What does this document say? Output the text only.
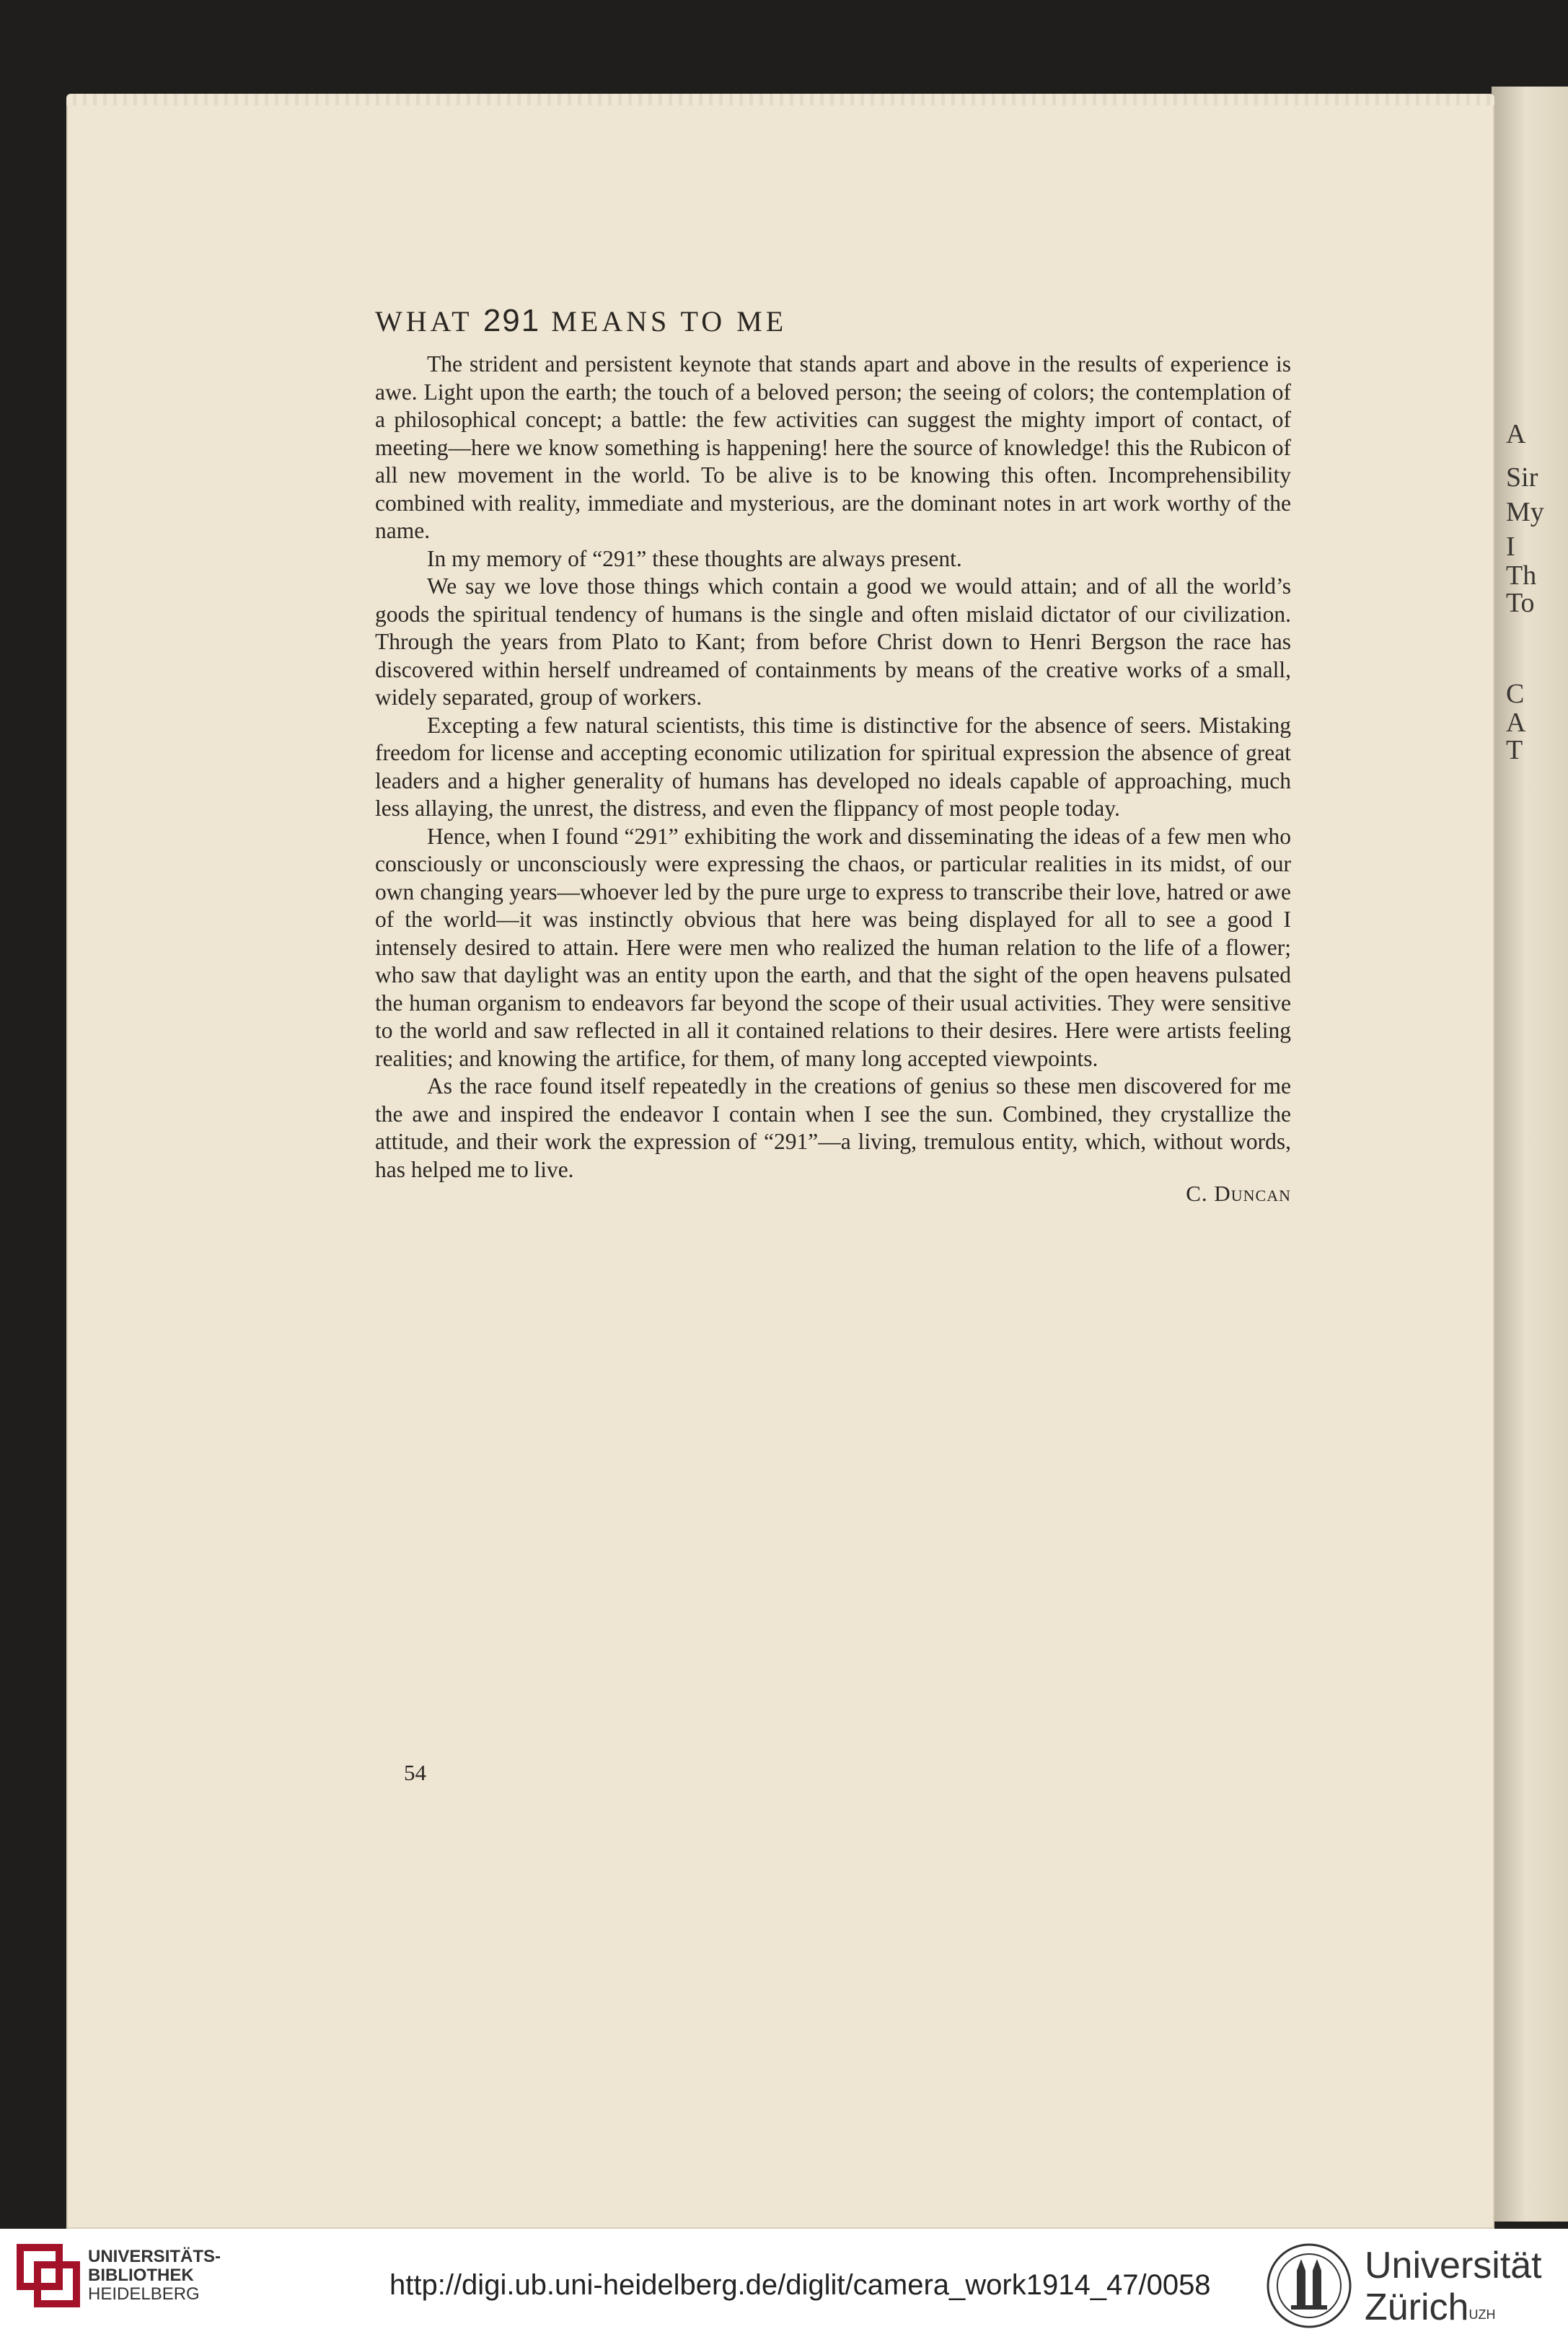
A
Sir
My
I
Th
To
C
A
T
WHAT 291 MEANS TO ME

The strident and persistent keynote that stands apart and above in the results of experience is awe. Light upon the earth; the touch of a beloved person; the seeing of colors; the contemplation of a philosophical concept; a battle: the few activities can suggest the mighty import of contact, of meeting—here we know something is happening! here the source of knowledge! this the Rubicon of all new movement in the world. To be alive is to be knowing this often. Incomprehensibility combined with reality, immediate and mysterious, are the dominant notes in art work worthy of the name.

In my memory of “291” these thoughts are always present.

We say we love those things which contain a good we would attain; and of all the world’s goods the spiritual tendency of humans is the single and often mislaid dictator of our civilization. Through the years from Plato to Kant; from before Christ down to Henri Bergson the race has discovered within herself undreamed of containments by means of the creative works of a small, widely separated, group of workers.

Excepting a few natural scientists, this time is distinctive for the absence of seers. Mistaking freedom for license and accepting economic utilization for spiritual expression the absence of great leaders and a higher generality of humans has developed no ideals capable of approaching, much less allaying, the unrest, the distress, and even the flippancy of most people today.

Hence, when I found “291” exhibiting the work and disseminating the ideas of a few men who consciously or unconsciously were expressing the chaos, or particular realities in its midst, of our own changing years—whoever led by the pure urge to express to transcribe their love, hatred or awe of the world—it was instinctly obvious that here was being displayed for all to see a good I intensely desired to attain. Here were men who realized the human relation to the life of a flower; who saw that daylight was an entity upon the earth, and that the sight of the open heavens pulsated the human organism to endeavors far beyond the scope of their usual activities. They were sensitive to the world and saw reflected in all it contained relations to their desires. Here were artists feeling realities; and knowing the artifice, for them, of many long accepted viewpoints.

As the race found itself repeatedly in the creations of genius so these men discovered for me the awe and inspired the endeavor I contain when I see the sun. Combined, they crystallize the attitude, and their work the expression of “291”—a living, tremulous entity, which, without words, has helped me to live.

C. Duncan
54
UNIVERSITÄTS-
BIBLIOTHEK
HEIDELBERG	http://digi.ub.uni-heidelberg.de/diglit/camera_work1914_47/0058	Universität
Zürich$^{UZH}$
